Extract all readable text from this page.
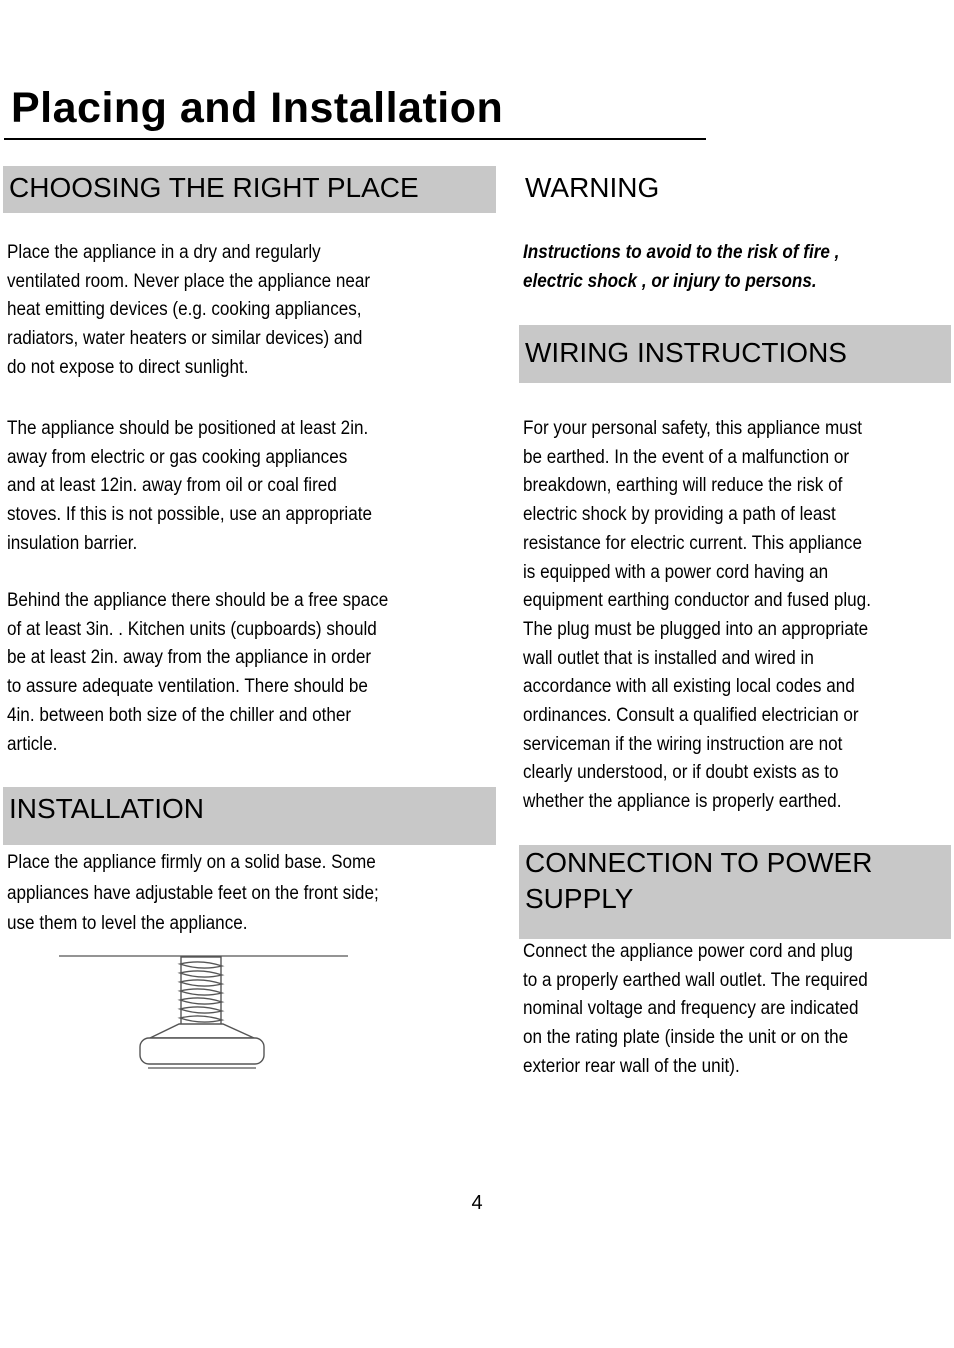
Placing and Installation
CHOOSING THE RIGHT PLACE

Place the appliance in a dry and regularly
ventilated room. Never place the appliance near
heat emitting devices (e.g. cooking appliances,
radiators, water heaters or similar devices) and
do not expose to direct sunlight.

The appliance should be positioned at least 2in.
away from electric or gas cooking appliances
and at least 12in. away from oil or coal fired
stoves. If this is not possible, use an appropriate
insulation barrier.

Behind the appliance there should be a free space
of at least 3in. . Kitchen units (cupboards) should
be at least 2in. away from the appliance in order
to assure adequate ventilation. There should be
4in. between both size of the chiller and other
article.

INSTALLATION

Place the appliance firmly on a solid base. Some
appliances have adjustable feet on the front side;
use them to level the appliance.

WARNING

Instructions to avoid to the risk of fire ,
electric shock , or injury to persons.

WIRING INSTRUCTIONS

For your personal safety, this appliance must
be earthed. In the event of a malfunction or
breakdown, earthing will reduce the risk of
electric shock by providing a path of least
resistance for electric current. This appliance
is equipped with a power cord having an
equipment earthing conductor and fused plug.
The plug must be plugged into an appropriate
wall outlet that is installed and wired in
accordance with all existing local codes and
ordinances. Consult a qualified electrician or
serviceman if the wiring instruction are not
clearly understood, or if doubt exists as to
whether the appliance is properly earthed.

CONNECTION TO POWER
SUPPLY

Connect the appliance power cord and plug
to a properly earthed wall outlet. The required
nominal voltage and frequency are indicated
on the rating plate (inside the unit or on the
exterior rear wall of the unit).

4
